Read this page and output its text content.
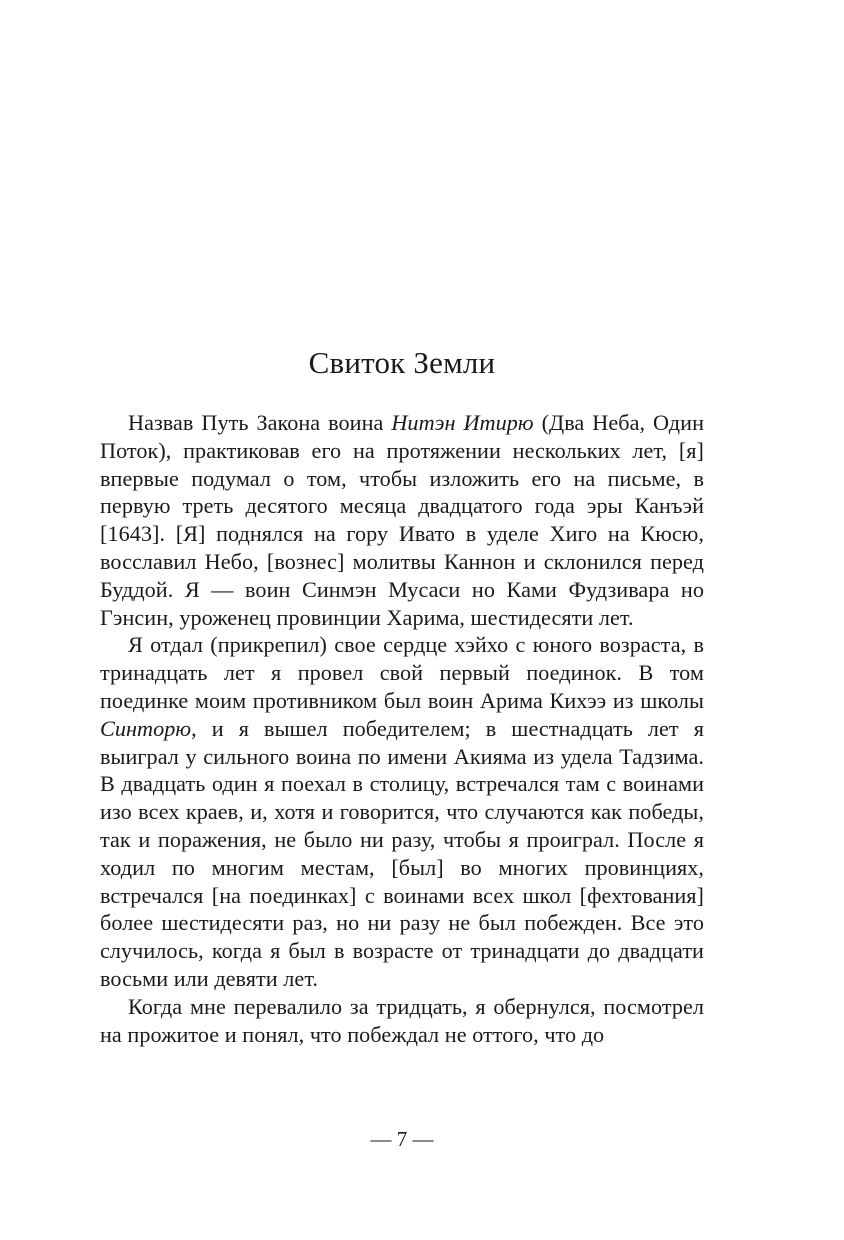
Свиток Земли

Назвав Путь Закона воина Нитэн Итирю (Два Неба, Один Поток), практиковав его на протяжении нескольких лет, [я] впервые подумал о том, чтобы изложить его на письме, в первую треть десятого месяца двадцатого года эры Канъэй [1643]. [Я] поднялся на гору Ивато в уделе Хиго на Кюсю, восславил Небо, [вознес] молитвы Каннон и склонился перед Буддой. Я — воин Синмэн Мусаси но Ками Фудзивара но Гэнсин, уроженец провинции Харима, шестидесяти лет.

Я отдал (прикрепил) свое сердце хэйхо с юного возраста, в тринадцать лет я провел свой первый поединок. В том поединке моим противником был воин Арима Кихээ из школы Синторю, и я вышел победителем; в шестнадцать лет я выиграл у сильного воина по имени Акияма из удела Тадзима. В двадцать один я поехал в столицу, встречался там с воинами изо всех краев, и, хотя и говорится, что случаются как победы, так и поражения, не было ни разу, чтобы я проиграл. После я ходил по многим местам, [был] во многих провинциях, встречался [на поединках] с воинами всех школ [фехтования] более шестидесяти раз, но ни разу не был побежден. Все это случилось, когда я был в возрасте от тринадцати до двадцати восьми или девяти лет.

Когда мне перевалило за тридцать, я обернулся, посмотрел на прожитое и понял, что побеждал не оттого, что до

— 7 —
